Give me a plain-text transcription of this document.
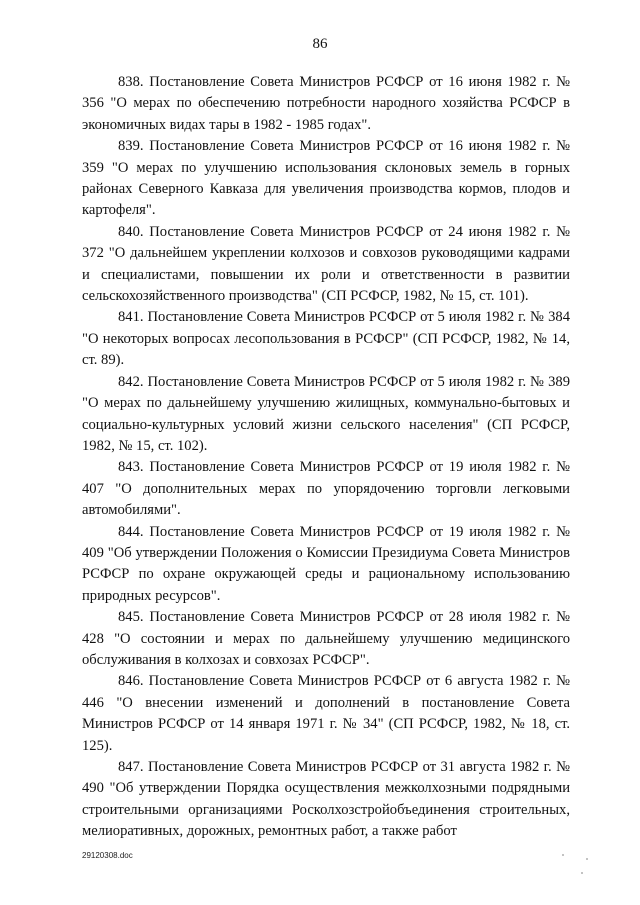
86

838. Постановление Совета Министров РСФСР от 16 июня 1982 г. № 356 "О мерах по обеспечению потребности народного хозяйства РСФСР в экономичных видах тары в 1982 - 1985 годах".

839. Постановление Совета Министров РСФСР от 16 июня 1982 г. № 359 "О мерах по улучшению использования склоновых земель в горных районах Северного Кавказа для увеличения производства кормов, плодов и картофеля".

840. Постановление Совета Министров РСФСР от 24 июня 1982 г. № 372 "О дальнейшем укреплении колхозов и совхозов руководящими кадрами и специалистами, повышении их роли и ответственности в развитии сельскохозяйственного производства" (СП РСФСР, 1982, № 15, ст. 101).

841. Постановление Совета Министров РСФСР от 5 июля 1982 г. № 384 "О некоторых вопросах лесопользования в РСФСР" (СП РСФСР, 1982, № 14, ст. 89).

842. Постановление Совета Министров РСФСР от 5 июля 1982 г. № 389 "О мерах по дальнейшему улучшению жилищных, коммунально-бытовых и социально-культурных условий жизни сельского населения" (СП РСФСР, 1982, № 15, ст. 102).

843. Постановление Совета Министров РСФСР от 19 июля 1982 г. № 407 "О дополнительных мерах по упорядочению торговли легковыми автомобилями".

844. Постановление Совета Министров РСФСР от 19 июля 1982 г. № 409 "Об утверждении Положения о Комиссии Президиума Совета Министров РСФСР по охране окружающей среды и рациональному использованию природных ресурсов".

845. Постановление Совета Министров РСФСР от 28 июля 1982 г. № 428 "О состоянии и мерах по дальнейшему улучшению медицинского обслуживания в колхозах и совхозах РСФСР".

846. Постановление Совета Министров РСФСР от 6 августа 1982 г. № 446 "О внесении изменений и дополнений в постановление Совета Министров РСФСР от 14 января 1971 г. № 34" (СП РСФСР, 1982, № 18, ст. 125).

847. Постановление Совета Министров РСФСР от 31 августа 1982 г. № 490 "Об утверждении Порядка осуществления межколхозными подрядными строительными организациями Росколхозстройобъединения строительных, мелиоративных, дорожных, ремонтных работ, а также работ

29120308.doc
